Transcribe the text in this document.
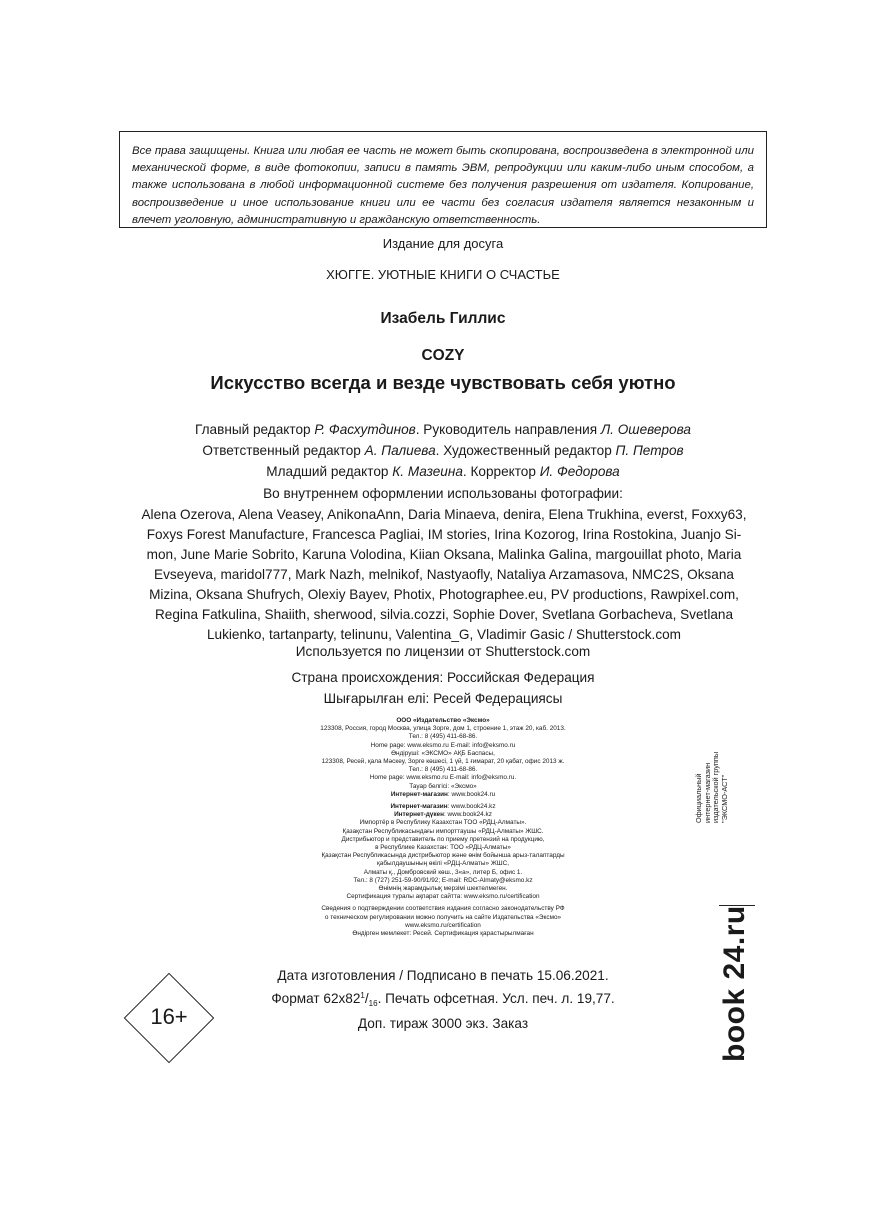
Все права защищены. Книга или любая ее часть не может быть скопирована, воспроизведена в электронной или механической форме, в виде фотокопии, записи в память ЭВМ, репродукции или каким-либо иным способом, а также использована в любой информационной системе без получения разрешения от издателя. Копирование, воспроизведение и иное использование книги или ее части без согласия издателя является незаконным и влечет уголовную, административную и гражданскую ответственность.
Издание для досуга
ХЮГГЕ. УЮТНЫЕ КНИГИ О СЧАСТЬЕ
Изабель Гиллис
COZY
Искусство всегда и везде чувствовать себя уютно
Главный редактор Р. Фасхутдинов. Руководитель направления Л. Ошеверова
Ответственный редактор А. Палиева. Художественный редактор П. Петров
Младший редактор К. Мазеина. Корректор И. Федорова
Во внутреннем оформлении использованы фотографии:
Alena Ozerova, Alena Veasey, AnikonaAnn, Daria Minaeva, denira, Elena Trukhina, everst, Foxxy63,
Foxys Forest Manufacture, Francesca Pagliai, IM stories, Irina Kozorog, Irina Rostokina, Juanjo Si-
mon, June Marie Sobrito, Karuna Volodina, Kiian Oksana, Malinka Galina, margouillat photo, Maria
Evseyeva, maridol777, Mark Nazh, melnikof, Nastyaofly, Nataliya Arzamasova, NMC2S, Oksana
Mizina, Oksana Shufrych, Olexiy Bayev, Photix, Photographee.eu, PV productions, Rawpixel.com,
Regina Fatkulina, Shaiith, sherwood, silvia.cozzi, Sophie Dover, Svetlana Gorbacheva, Svetlana
Lukienko, tartanparty, telinunu, Valentina_G, Vladimir Gasic / Shutterstock.com
Используется по лицензии от Shutterstock.com
Страна происхождения: Российская Федерация
Шығарылған елі: Ресей Федерациясы
ООО «Издательство «Эксмо»
123308, Россия, город Москва, улица Зорге, дом 1, строение 1, этаж 20, каб. 2013.
Тел.: 8 (495) 411-68-86.
Home page: www.eksmo.ru E-mail: info@eksmo.ru
Өндіруші: «ЭКСМО» АҚБ Баспасы,
123308, Ресей, қала Мәскеу, Зорге көшесі, 1 үй, 1 ғимарат, 20 қабат, офис 2013 ж.
Тел.: 8 (495) 411-68-86.
Home page: www.eksmo.ru E-mail: info@eksmo.ru.
Тауар белгісі: «Эксмо»
Интернет-магазин: www.book24.ru
Интернет-магазин: www.book24.kz
Интернет-дүкен: www.book24.kz
Импортёр в Республику Казахстан ТОО «РДЦ-Алматы».
Қазақстан Республикасындағы импорттаушы «РДЦ-Алматы» ЖШС.
Дистрибьютор и представитель по приему претензий на продукцию,
в Республике Казахстан: ТОО «РДЦ-Алматы»
Қазақстан Республикасында дистрибьютор және өнім бойынша арыз-талаптарды
қабылдаушының өкілі «РДЦ-Алматы» ЖШС,
Алматы қ., Домбровский көш., 3«а», литер Б, офис 1.
Тел.: 8 (727) 251-59-90/91/92; E-mail: RDC-Almaty@eksmo.kz
Өнімнің жарамдылық мерзімі шектелмеген.
Сертификация туралы ақпарат сайтта: www.eksmo.ru/certification
Сведения о подтверждении соответствия издания согласно законодательству РФ
о техническом регулировании можно получить на сайте Издательства «Эксмо»
www.eksmo.ru/certification
Өндірген мемлекет: Ресей. Сертификация қарастырылмаған
Дата изготовления / Подписано в печать 15.06.2021.
Формат $62х82^1/_{16}$. Печать офсетная. Усл. печ. л. 19,77.
Доп. тираж 3000 экз. Заказ
16+
Официальный интернет-магазин издательской группы "ЭКСМО-АСТ"
book 24.ru
